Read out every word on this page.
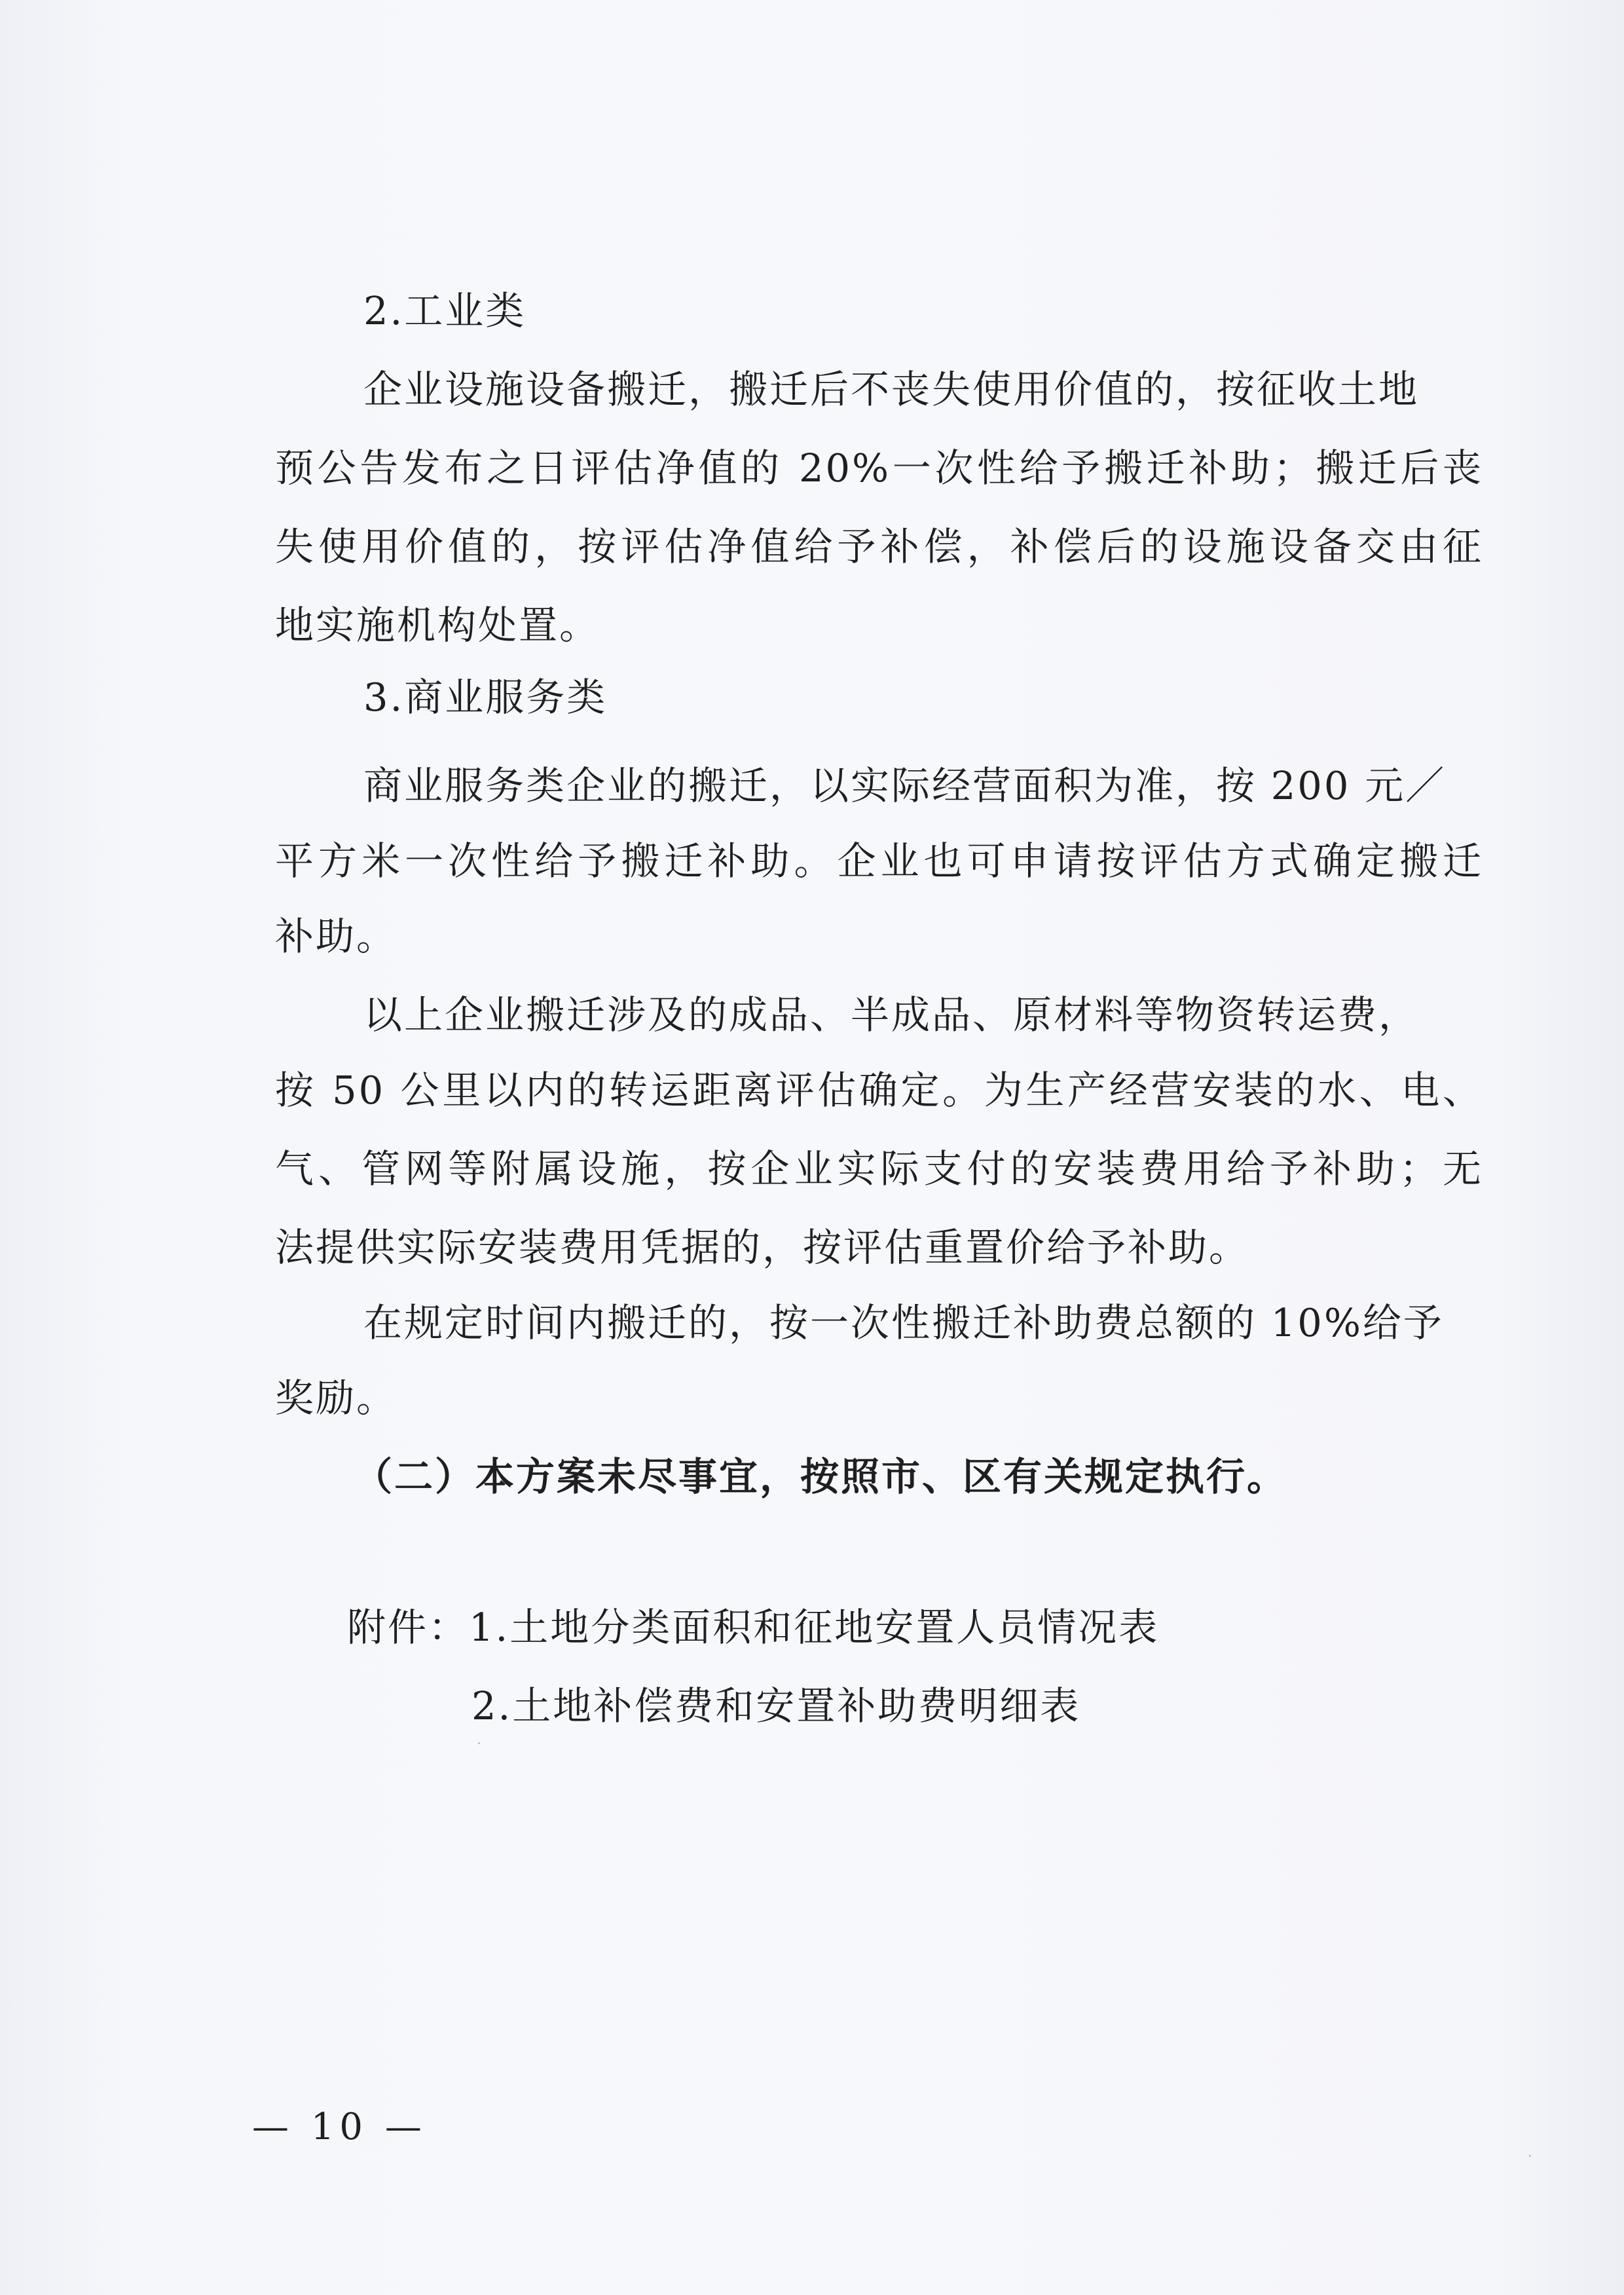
2.工业类
企业设施设备搬迁，搬迁后不丧失使用价值的，按征收土地
预公告发布之日评估净值的 20%一次性给予搬迁补助；搬迁后丧
失使用价值的，按评估净值给予补偿，补偿后的设施设备交由征
地实施机构处置。
3.商业服务类
商业服务类企业的搬迁，以实际经营面积为准，按 200 元／
平方米一次性给予搬迁补助。企业也可申请按评估方式确定搬迁
补助。
以上企业搬迁涉及的成品、半成品、原材料等物资转运费，
按 50 公里以内的转运距离评估确定。为生产经营安装的水、电、
气、管网等附属设施，按企业实际支付的安装费用给予补助；无
法提供实际安装费用凭据的，按评估重置价给予补助。
在规定时间内搬迁的，按一次性搬迁补助费总额的 10%给予
奖励。
（二）本方案未尽事宜，按照市、区有关规定执行。
附件：1.土地分类面积和征地安置人员情况表
2.土地补偿费和安置补助费明细表
— 10 —
